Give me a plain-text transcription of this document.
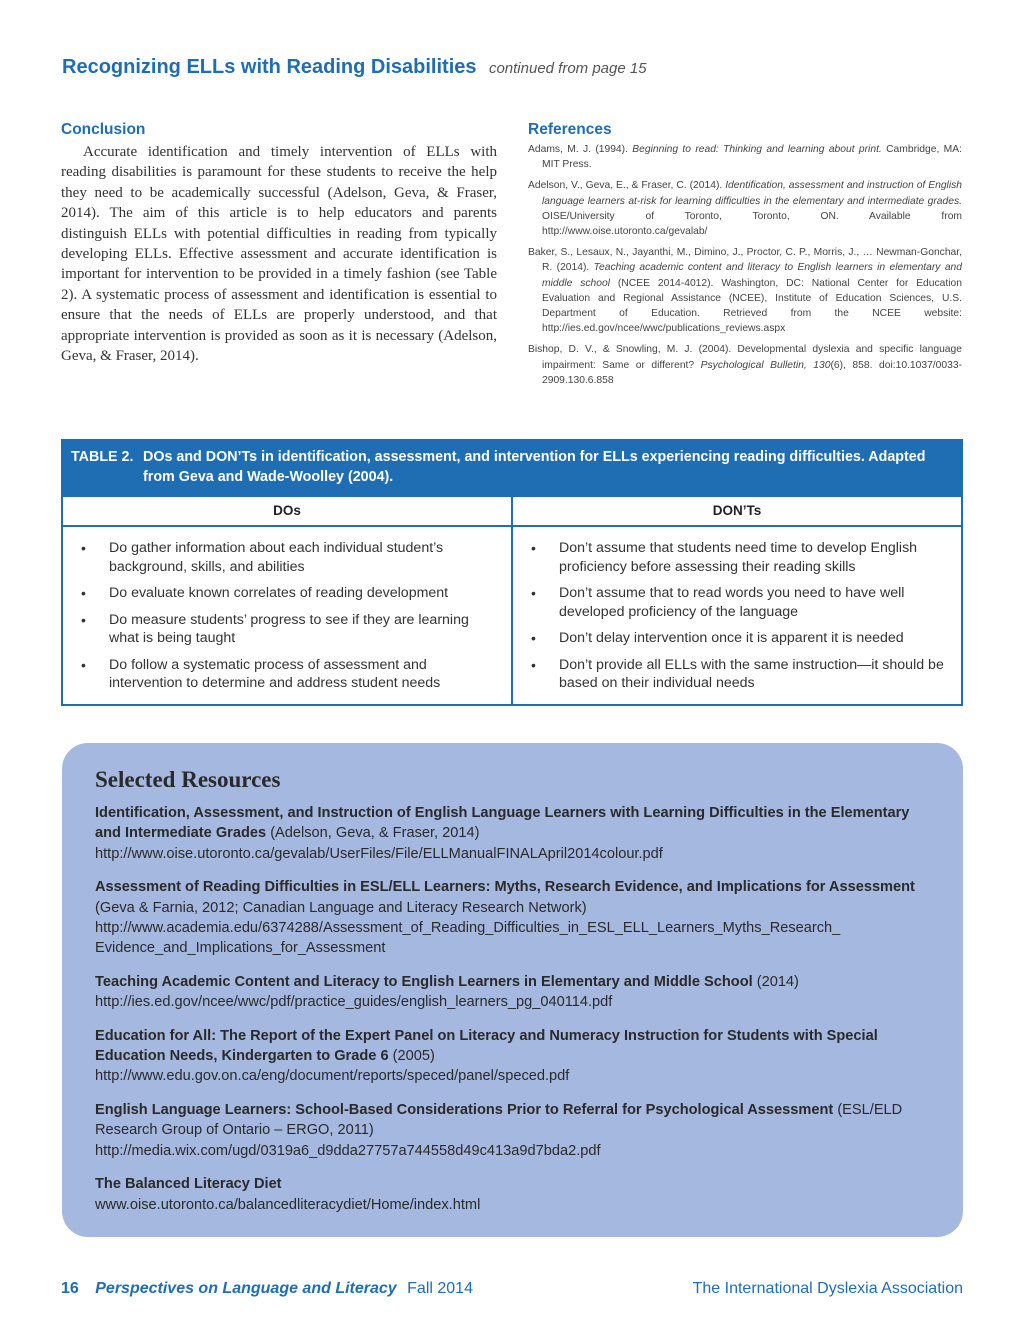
Recognizing ELLs with Reading Disabilities continued from page 15
Conclusion

Accurate identification and timely intervention of ELLs with reading disabilities is paramount for these students to receive the help they need to be academically successful (Adelson, Geva, & Fraser, 2014). The aim of this article is to help educators and parents distinguish ELLs with potential difficulties in reading from typically developing ELLs. Effective assessment and accurate identification is important for intervention to be provided in a timely fashion (see Table 2). A systematic process of assessment and identification is essential to ensure that the needs of ELLs are properly understood, and that appropriate intervention is provided as soon as it is necessary (Adelson, Geva, & Fraser, 2014).

References

Adams, M. J. (1994). Beginning to read: Thinking and learning about print. Cambridge, MA: MIT Press.

Adelson, V., Geva, E., & Fraser, C. (2014). Identification, assessment and instruction of English language learners at-risk for learning difficulties in the elementary and intermediate grades. OISE/University of Toronto, Toronto, ON. Available from http://www.oise.utoronto.ca/gevalab/

Baker, S., Lesaux, N., Jayanthi, M., Dimino, J., Proctor, C. P., Morris, J., … Newman-Gonchar, R. (2014). Teaching academic content and literacy to English learners in elementary and middle school (NCEE 2014-4012). Washington, DC: National Center for Education Evaluation and Regional Assistance (NCEE), Institute of Education Sciences, U.S. Department of Education. Retrieved from the NCEE website: http://ies.ed.gov/ncee/wwc/publications_reviews.aspx

Bishop, D. V., & Snowling, M. J. (2004). Developmental dyslexia and specific language impairment: Same or different? Psychological Bulletin, 130(6), 858. doi:10.1037/0033-2909.130.6.858

TABLE 2. DOs and DON’Ts in identification, assessment, and intervention for ELLs experiencing reading difficulties. Adapted from Geva and Wade-Woolley (2004).
DOs
• Do gather information about each individual student’s background, skills, and abilities
• Do evaluate known correlates of reading development
• Do measure students’ progress to see if they are learning what is being taught
• Do follow a systematic process of assessment and intervention to determine and address student needs
DON’Ts
• Don’t assume that students need time to develop English proficiency before assessing their reading skills
• Don’t assume that to read words you need to have well developed proficiency of the language
• Don’t delay intervention once it is apparent it is needed
• Don’t provide all ELLs with the same instruction—it should be based on their individual needs
Selected Resources
Identification, Assessment, and Instruction of English Language Learners with Learning Difficulties in the Elementary and Intermediate Grades (Adelson, Geva, & Fraser, 2014)
http://www.oise.utoronto.ca/gevalab/UserFiles/File/ELLManualFINALApril2014colour.pdf
Assessment of Reading Difficulties in ESL/ELL Learners: Myths, Research Evidence, and Implications for Assessment (Geva & Farnia, 2012; Canadian Language and Literacy Research Network)
http://www.academia.edu/6374288/Assessment_of_Reading_Difficulties_in_ESL_ELL_Learners_Myths_Research_ Evidence_and_Implications_for_Assessment
Teaching Academic Content and Literacy to English Learners in Elementary and Middle School (2014)
http://ies.ed.gov/ncee/wwc/pdf/practice_guides/english_learners_pg_040114.pdf
Education for All: The Report of the Expert Panel on Literacy and Numeracy Instruction for Students with Special Education Needs, Kindergarten to Grade 6 (2005)
http://www.edu.gov.on.ca/eng/document/reports/speced/panel/speced.pdf
English Language Learners: School-Based Considerations Prior to Referral for Psychological Assessment (ESL/ELD Research Group of Ontario – ERGO, 2011)
http://media.wix.com/ugd/0319a6_d9dda27757a744558d49c413a9d7bda2.pdf
The Balanced Literacy Diet
www.oise.utoronto.ca/balancedliteracydiet/Home/index.html
16 Perspectives on Language and Literacy Fall 2014	The International Dyslexia Association
